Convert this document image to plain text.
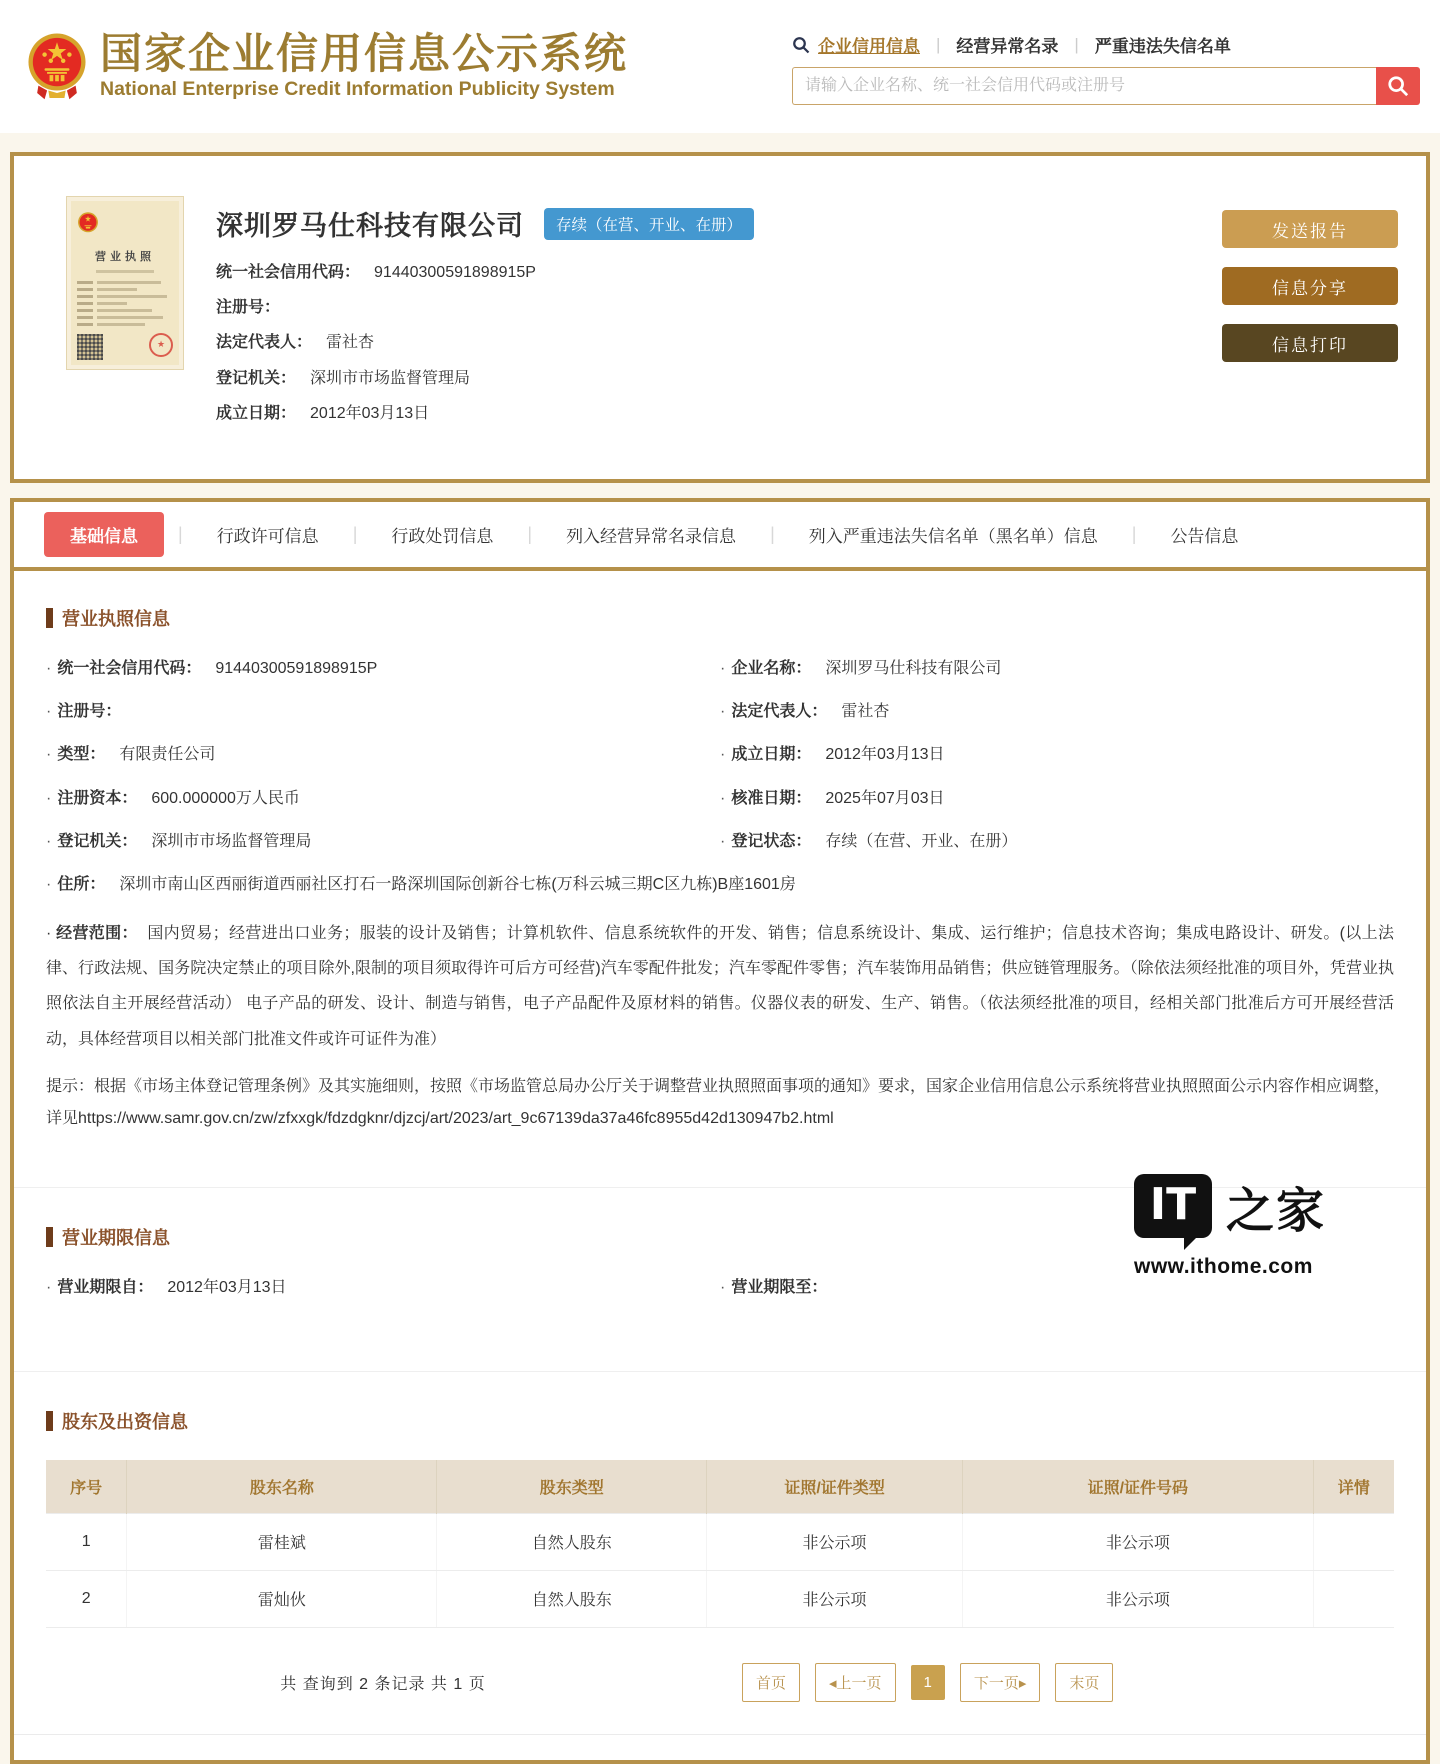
国家企业信用信息公示系统
National Enterprise Credit Information Publicity System
企业信用信息 | 经营异常名录 | 严重违法失信名单
请输入企业名称、统一社会信用代码或注册号
营业执照
★
深圳罗马仕科技有限公司	存续（在营、开业、在册）
统一社会信用代码： 91440300591898915P
注册号：
法定代表人： 雷社杏
登记机关： 深圳市市场监督管理局
成立日期： 2012年03月13日
发送报告
信息分享
信息打印
基础信息	|	行政许可信息	|	行政处罚信息	|	列入经营异常名录信息	|	列入严重违法失信名单（黑名单）信息	|	公告信息
营业执照信息
· 统一社会信用代码： 91440300591898915P
· 注册号：
· 类型： 有限责任公司
· 注册资本： 600.000000万人民币
· 登记机关： 深圳市市场监督管理局
· 企业名称： 深圳罗马仕科技有限公司
· 法定代表人： 雷社杏
· 成立日期： 2012年03月13日
· 核准日期： 2025年07月03日
· 登记状态： 存续（在营、开业、在册）
· 住所： 深圳市南山区西丽街道西丽社区打石一路深圳国际创新谷七栋(万科云城三期C区九栋)B座1601房
· 经营范围： 国内贸易；经营进出口业务；服装的设计及销售；计算机软件、信息系统软件的开发、销售；信息系统设计、集成、运行维护；信息技术咨询；集成电路设计、研发。(以上法律、行政法规、国务院决定禁止的项目除外,限制的项目须取得许可后方可经营)汽车零配件批发；汽车零配件零售；汽车装饰用品销售；供应链管理服务。（除依法须经批准的项目外，凭营业执照依法自主开展经营活动） 电子产品的研发、设计、制造与销售，电子产品配件及原材料的销售。仪器仪表的研发、生产、销售。（依法须经批准的项目，经相关部门批准后方可开展经营活动，具体经营项目以相关部门批准文件或许可证件为准）
提示：根据《市场主体登记管理条例》及其实施细则，按照《市场监管总局办公厅关于调整营业执照照面事项的通知》要求，国家企业信用信息公示系统将营业执照照面公示内容作相应调整，详见https://www.samr.gov.cn/zw/zfxxgk/fdzdgknr/djzcj/art/2023/art_9c67139da37a46fc8955d42d130947b2.html
IT 之家
www.ithome.com
营业期限信息
· 营业期限自： 2012年03月13日	· 营业期限至：
股东及出资信息
序号	股东名称	股东类型	证照/证件类型	证照/证件号码	详情
1	雷桂斌	自然人股东	非公示项	非公示项	
2	雷灿伙	自然人股东	非公示项	非公示项	
共 查询到 2 条记录 共 1 页	首页	◂上一页	1	下一页▸	末页
